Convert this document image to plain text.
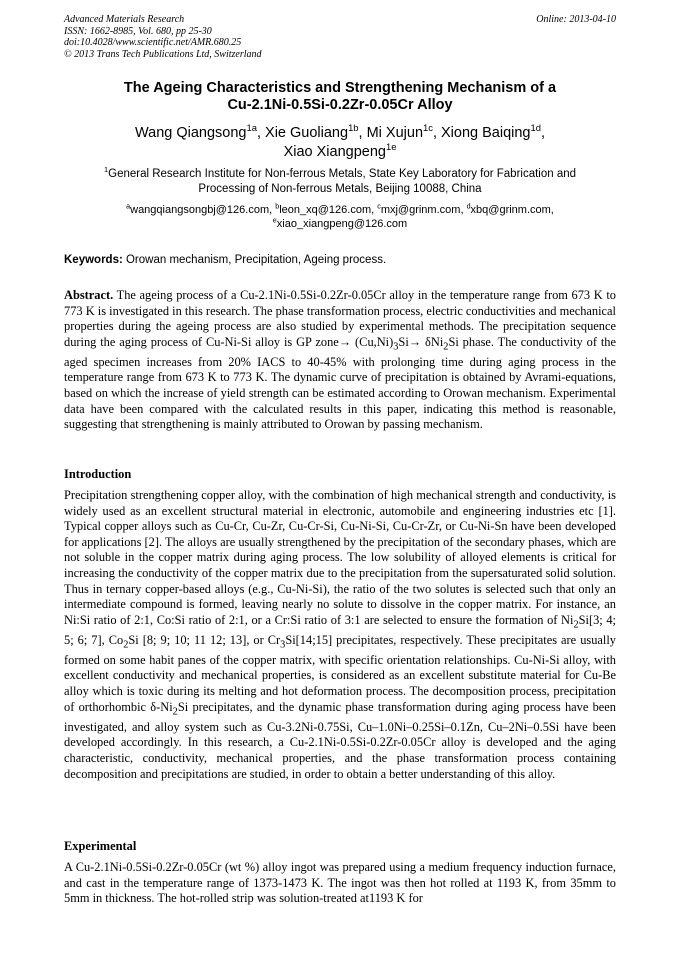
Advanced Materials Research
ISSN: 1662-8985, Vol. 680, pp 25-30
doi:10.4028/www.scientific.net/AMR.680.25
© 2013 Trans Tech Publications Ltd, Switzerland
Online: 2013-04-10
The Ageing Characteristics and Strengthening Mechanism of a
Cu-2.1Ni-0.5Si-0.2Zr-0.05Cr Alloy
Wang Qiangsong$^{1a}$, Xie Guoliang$^{1b}$, Mi Xujun$^{1c}$, Xiong Baiqing$^{1d}$,
Xiao Xiangpeng$^{1e}$
$^1$General Research Institute for Non-ferrous Metals, State Key Laboratory for Fabrication and
Processing of Non-ferrous Metals, Beijing 10088, China
$^a$wangqiangsongbj@126.com, $^b$leon_xq@126.com, $^c$mxj@grinm.com, $^d$xbq@grinm.com,
$^e$xiao_xiangpeng@126.com
Keywords: Orowan mechanism, Precipitation, Ageing process.
Abstract. The ageing process of a Cu-2.1Ni-0.5Si-0.2Zr-0.05Cr alloy in the temperature range from 673 K to 773 K is investigated in this research. The phase transformation process, electric conductivities and mechanical properties during the ageing process are also studied by experimental methods. The precipitation sequence during the aging process of Cu-Ni-Si alloy is GP zone→ $(Cu,Ni)_3Si\to \delta Ni_2Si$ phase. The conductivity of the aged specimen increases from 20% IACS to 40-45% with prolonging time during aging process in the temperature range from 673 K to 773 K. The dynamic curve of precipitation is obtained by Avrami-equations, based on which the increase of yield strength can be estimated according to Orowan mechanism. Experimental data have been compared with the calculated results in this paper, indicating this method is reasonable, suggesting that strengthening is mainly attributed to Orowan by passing mechanism.
Introduction
Precipitation strengthening copper alloy, with the combination of high mechanical strength and conductivity, is widely used as an excellent structural material in electronic, automobile and engineering industries etc [1]. Typical copper alloys such as Cu-Cr, Cu-Zr, Cu-Cr-Si, Cu-Ni-Si, Cu-Cr-Zr, or Cu-Ni-Sn have been developed for applications [2]. The alloys are usually strengthened by the precipitation of the secondary phases, which are not soluble in the copper matrix during aging process. The low solubility of alloyed elements is critical for increasing the conductivity of the copper matrix due to the precipitation from the supersaturated solid solution. Thus in ternary copper-based alloys (e.g., Cu-Ni-Si), the ratio of the two solutes is selected such that only an intermediate compound is formed, leaving nearly no solute to dissolve in the copper matrix. For instance, an Ni:Si ratio of 2:1, Co:Si ratio of 2:1, or a Cr:Si ratio of 3:1 are selected to ensure the formation of $Ni_2Si[3$; 4; 5; 6; 7], $Co_2Si$ [8; 9; 10; 11 12; 13], or $Cr_3Si[14;15]$ precipitates, respectively. These precipitates are usually formed on some habit panes of the copper matrix, with specific orientation relationships. Cu-Ni-Si alloy, with excellent conductivity and mechanical properties, is considered as an excellent substitute material for Cu-Be alloy which is toxic during its melting and hot deformation process. The decomposition process, precipitation of orthorhombic $\delta-Ni_2Si$ precipitates, and the dynamic phase transformation during aging process have been investigated, and alloy system such as Cu-3.2Ni-0.75Si, Cu–1.0Ni–0.25Si–0.1Zn, Cu–2Ni–0.5Si have been developed accordingly. In this research, a Cu-2.1Ni-0.5Si-0.2Zr-0.05Cr alloy is developed and the aging characteristic, conductivity, mechanical properties, and the phase transformation process containing decomposition and precipitations are studied, in order to obtain a better understanding of this alloy.
Experimental
A Cu-2.1Ni-0.5Si-0.2Zr-0.05Cr (wt %) alloy ingot was prepared using a medium frequency induction furnace, and cast in the temperature range of 1373-1473 K. The ingot was then hot rolled at 1193 K, from 35mm to 5mm in thickness. The hot-rolled strip was solution-treated at1193 K for
